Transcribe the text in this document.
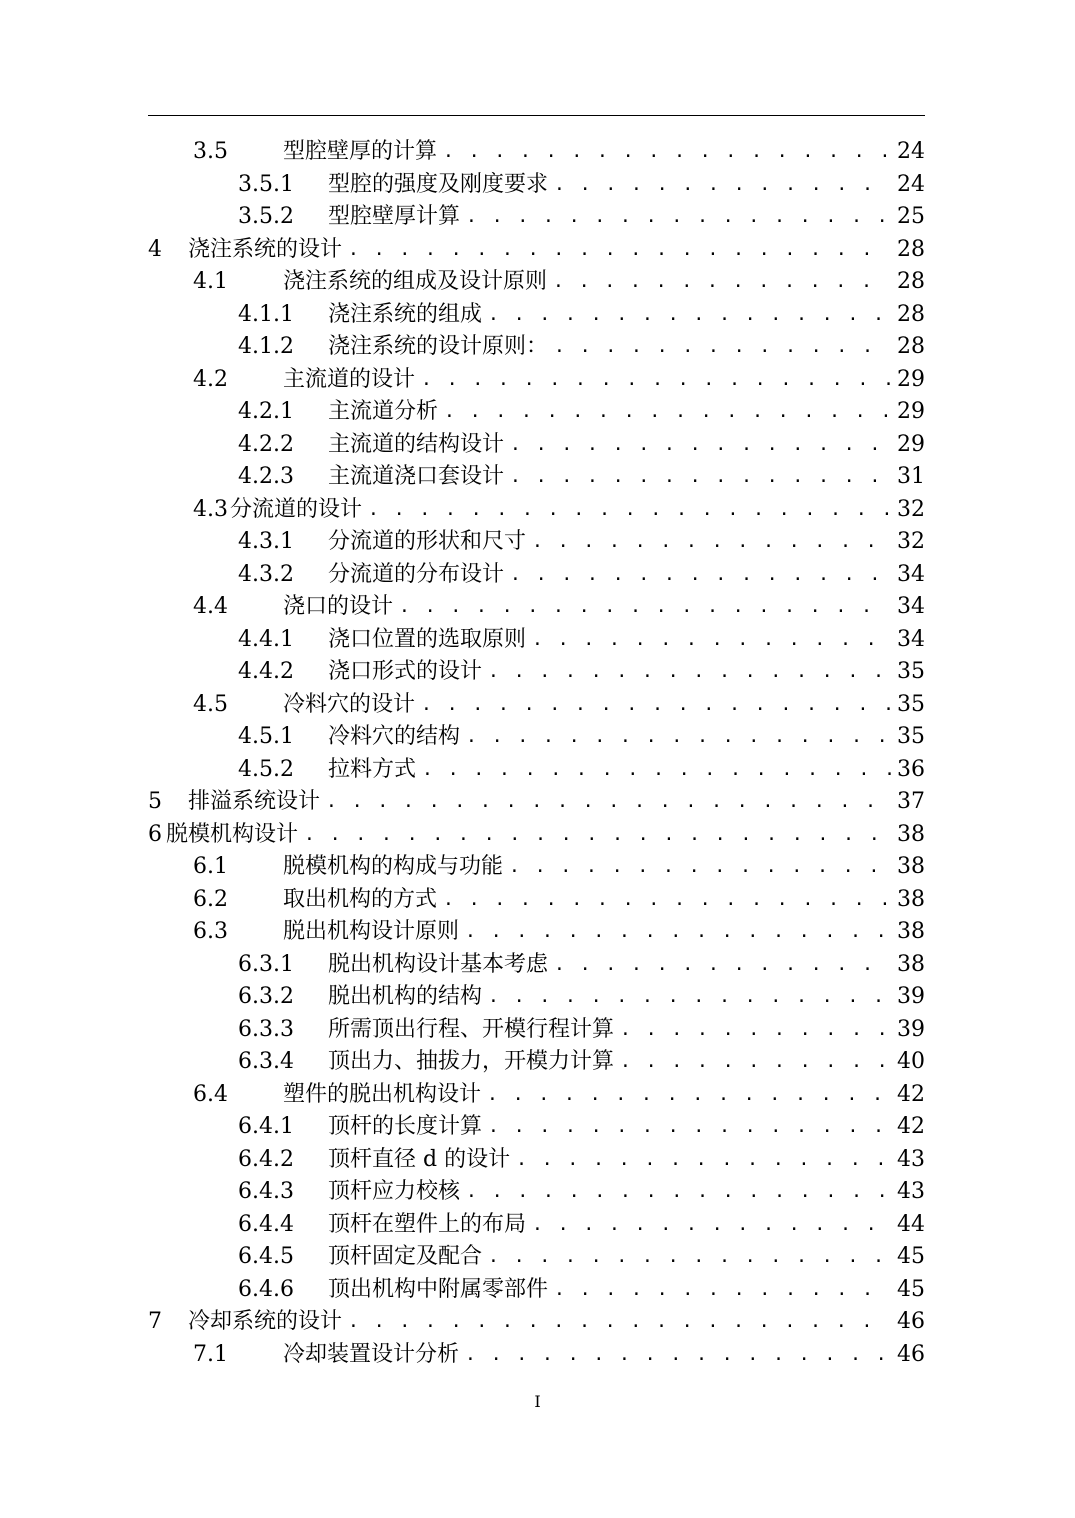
3.5	型腔壁厚的计算 . . .	24
3.5.1	型腔的强度及刚度要求 . . .	24
3.5.2	型腔壁厚计算 . . .	25
4	浇注系统的设计 . . .	28
4.1	浇注系统的组成及设计原则 . . .	28
4.1.1	浇注系统的组成 . . .	28
4.1.2	浇注系统的设计原则： . . .	28
4.2	主流道的设计 . . .	29
4.2.1	主流道分析 . . .	29
4.2.2	主流道的结构设计 . . .	29
4.2.3	主流道浇口套设计 . . .	31
4.3 分流道的设计 . . .	32
4.3.1	分流道的形状和尺寸 . . .	32
4.3.2	分流道的分布设计 . . .	34
4.4	浇口的设计 . . .	34
4.4.1	浇口位置的选取原则 . . .	34
4.4.2	浇口形式的设计 . . .	35
4.5	冷料穴的设计 . . .	35
4.5.1	冷料穴的结构 . . .	35
4.5.2	拉料方式 . . .	36
5	排溢系统设计 . . .	37
6 脱模机构设计 . . .	38
6.1	脱模机构的构成与功能 . . .	38
6.2	取出机构的方式 . . .	38
6.3	脱出机构设计原则 . . .	38
6.3.1	脱出机构设计基本考虑 . . .	38
6.3.2	脱出机构的结构 . . .	39
6.3.3	所需顶出行程、开模行程计算 . . .	39
6.3.4	顶出力、抽拔力，开模力计算 . . .	40
6.4	塑件的脱出机构设计 . . .	42
6.4.1	顶杆的长度计算 . . .	42
6.4.2	顶杆直径 d 的设计 . . .	43
6.4.3	顶杆应力校核 . . .	43
6.4.4	顶杆在塑件上的布局 . . .	44
6.4.5	顶杆固定及配合 . . .	45
6.4.6	顶出机构中附属零部件 . . .	45
7	冷却系统的设计 . . .	46
7.1	冷却装置设计分析 . . .	46
I
